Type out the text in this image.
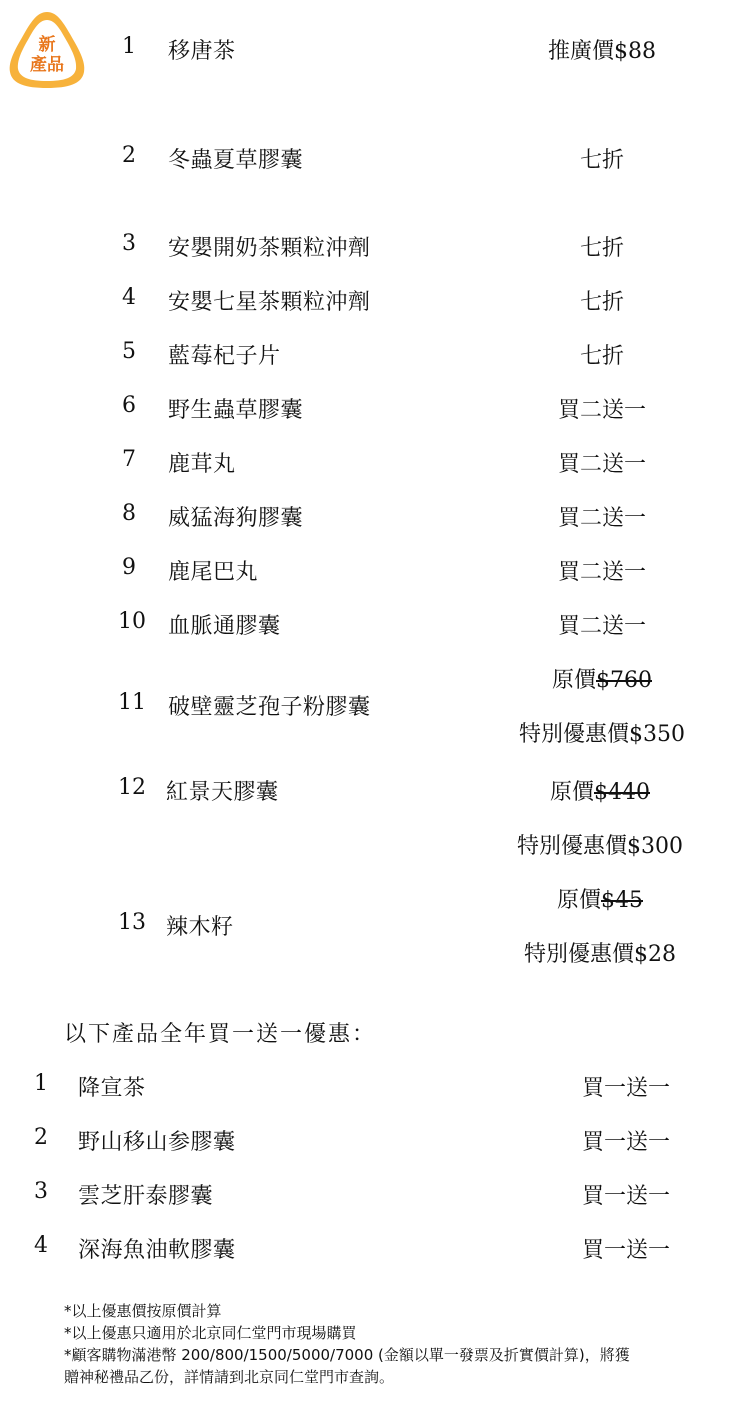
新
產品
1 移唐茶	推廣價$88
2 冬蟲夏草膠囊	七折
3 安嬰開奶茶顆粒沖劑	七折
4 安嬰七星茶顆粒沖劑	七折
5 藍莓杞子片	七折
6 野生蟲草膠囊	買二送一
7 鹿茸丸	買二送一
8 威猛海狗膠囊	買二送一
9 鹿尾巴丸	買二送一
10 血脈通膠囊	買二送一
11 破壁靈芝孢子粉膠囊
原價$760
特別優惠價$350
12 紅景天膠囊	原價$440
特別優惠價$300
13 辣木籽
原價$45
特別優惠價$28
以下產品全年買一送一優惠：
1 降宣茶	買一送一
2 野山移山参膠囊	買一送一
3 雲芝肝泰膠囊	買一送一
4 深海魚油軟膠囊	買一送一
*以上優惠價按原價計算
*以上優惠只適用於北京同仁堂門市現場購買
*顧客購物滿港幣 200/800/1500/5000/7000 (金額以單一發票及折實價計算)，將獲
贈神秘禮品乙份，詳情請到北京同仁堂門市查詢。
